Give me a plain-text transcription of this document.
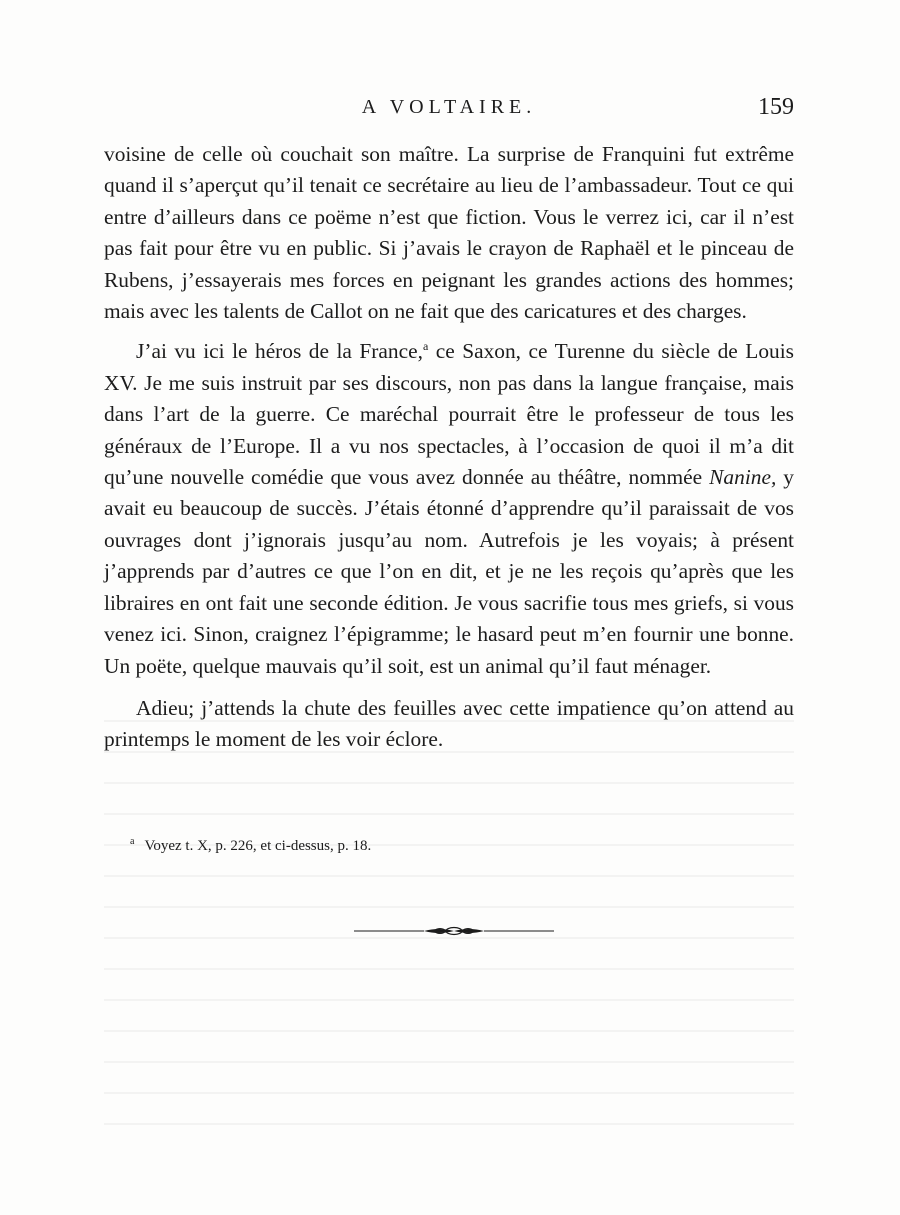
A VOLTAIRE.	159

voisine de celle où couchait son maître. La surprise de Franquini fut extrême quand il s’aperçut qu’il tenait ce secrétaire au lieu de l’ambassadeur. Tout ce qui entre d’ailleurs dans ce poëme n’est que fiction. Vous le verrez ici, car il n’est pas fait pour être vu en public. Si j’avais le crayon de Raphaël et le pinceau de Rubens, j’essayerais mes forces en peignant les grandes actions des hommes; mais avec les talents de Callot on ne fait que des caricatures et des charges.

J’ai vu ici le héros de la France,$^a$ ce Saxon, ce Turenne du siècle de Louis XV. Je me suis instruit par ses discours, non pas dans la langue française, mais dans l’art de la guerre. Ce maréchal pourrait être le professeur de tous les généraux de l’Europe. Il a vu nos spectacles, à l’occasion de quoi il m’a dit qu’une nouvelle comédie que vous avez donnée au théâtre, nommée Nanine, y avait eu beaucoup de succès. J’étais étonné d’apprendre qu’il paraissait de vos ouvrages dont j’ignorais jusqu’au nom. Autrefois je les voyais; à présent j’apprends par d’autres ce que l’on en dit, et je ne les reçois qu’après que les libraires en ont fait une seconde édition. Je vous sacrifie tous mes griefs, si vous venez ici. Sinon, craignez l’épigramme; le hasard peut m’en fournir une bonne. Un poëte, quelque mauvais qu’il soit, est un animal qu’il faut ménager.

Adieu; j’attends la chute des feuilles avec cette impatience qu’on attend au printemps le moment de les voir éclore.

$^a$ Voyez t. X, p. 226, et ci-dessus, p. 18.
